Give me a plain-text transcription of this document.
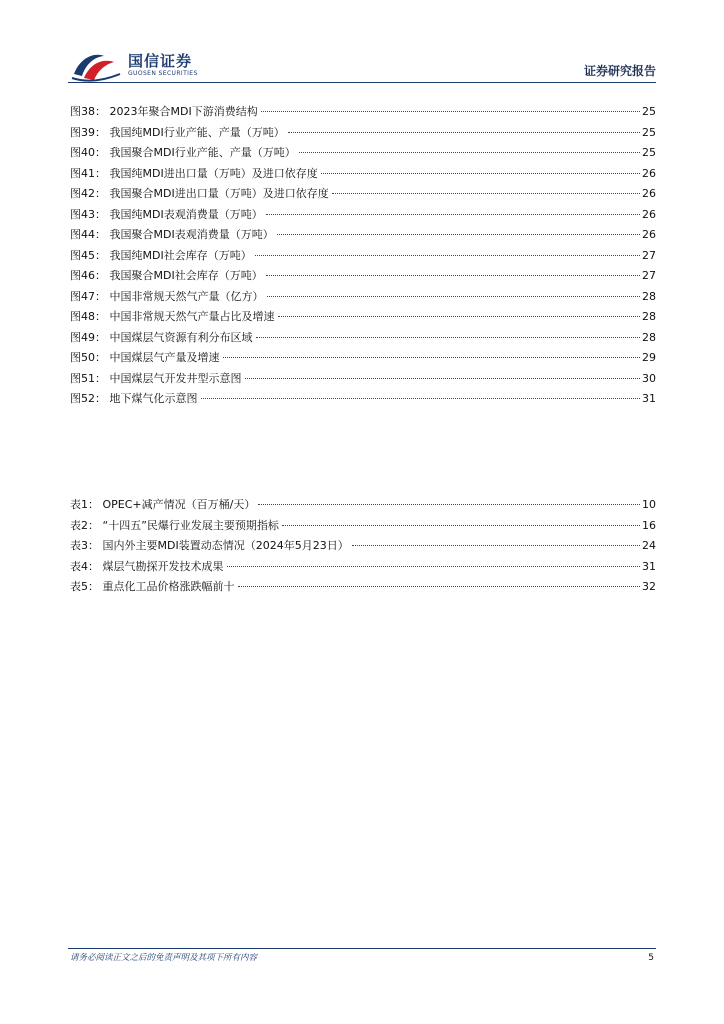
国信证券
GUOSEN SECURITIES	证券研究报告
图38： 2023年聚合MDI下游消费结构	25
图39： 我国纯MDI行业产能、产量（万吨）	25
图40： 我国聚合MDI行业产能、产量（万吨）	25
图41： 我国纯MDI进出口量（万吨）及进口依存度	26
图42： 我国聚合MDI进出口量（万吨）及进口依存度	26
图43： 我国纯MDI表观消费量（万吨）	26
图44： 我国聚合MDI表观消费量（万吨）	26
图45： 我国纯MDI社会库存（万吨）	27
图46： 我国聚合MDI社会库存（万吨）	27
图47： 中国非常规天然气产量（亿方）	28
图48： 中国非常规天然气产量占比及增速	28
图49： 中国煤层气资源有利分布区域	28
图50： 中国煤层气产量及增速	29
图51： 中国煤层气开发井型示意图	30
图52： 地下煤气化示意图	31
表1： OPEC+减产情况（百万桶/天）	10
表2： “十四五”民爆行业发展主要预期指标	16
表3： 国内外主要MDI装置动态情况（2024年5月23日）	24
表4： 煤层气勘探开发技术成果	31
表5： 重点化工品价格涨跌幅前十	32
请务必阅读正文之后的免责声明及其项下所有内容	5
